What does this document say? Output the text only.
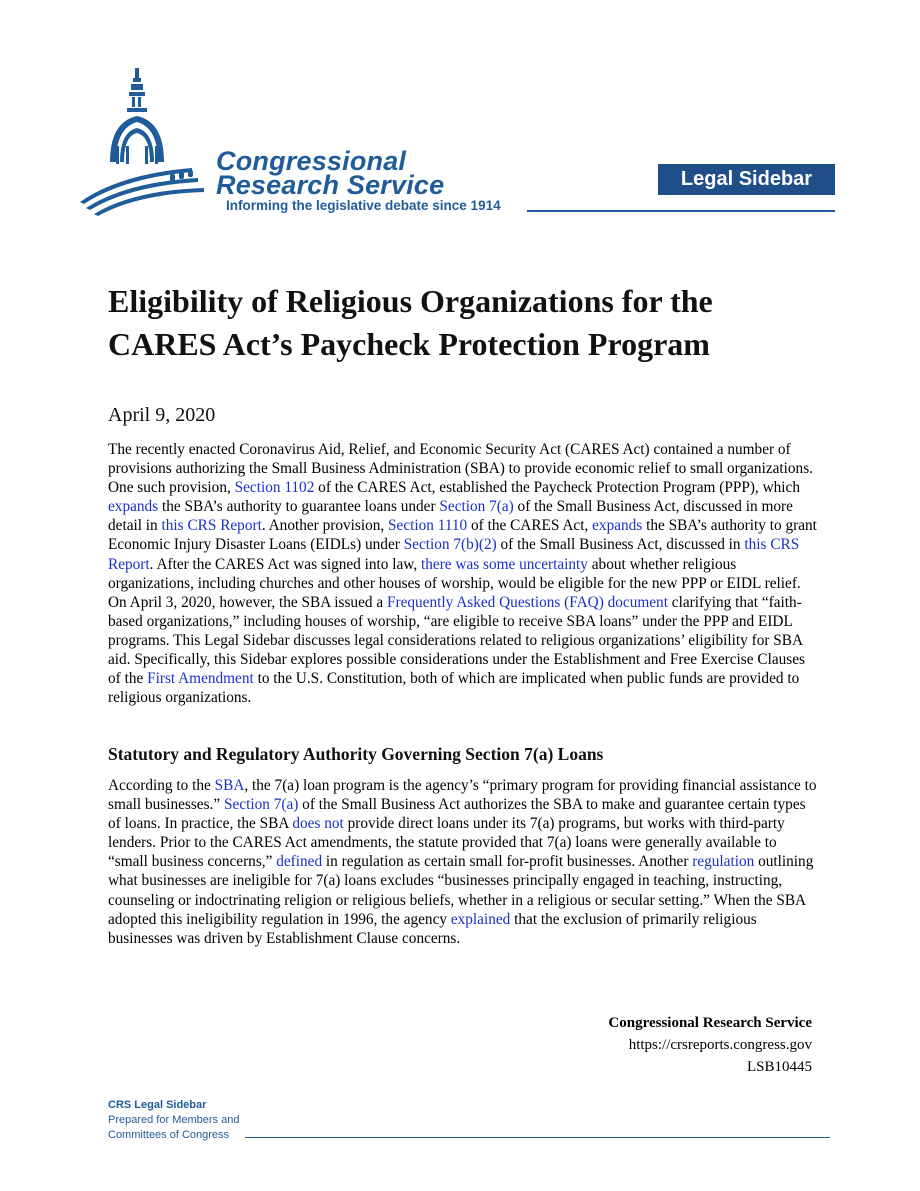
Congressional
Research Service
Informing the legislative debate since 1914
Legal Sidebar
Eligibility of Religious Organizations for the CARES Act’s Paycheck Protection Program
April 9, 2020

The recently enacted Coronavirus Aid, Relief, and Economic Security Act (CARES Act) contained a number of provisions authorizing the Small Business Administration (SBA) to provide economic relief to small organizations. One such provision, Section 1102 of the CARES Act, established the Paycheck Protection Program (PPP), which expands the SBA’s authority to guarantee loans under Section 7(a) of the Small Business Act, discussed in more detail in this CRS Report. Another provision, Section 1110 of the CARES Act, expands the SBA’s authority to grant Economic Injury Disaster Loans (EIDLs) under Section 7(b)(2) of the Small Business Act, discussed in this CRS Report. After the CARES Act was signed into law, there was some uncertainty about whether religious organizations, including churches and other houses of worship, would be eligible for the new PPP or EIDL relief. On April 3, 2020, however, the SBA issued a Frequently Asked Questions (FAQ) document clarifying that “faith-based organizations,” including houses of worship, “are eligible to receive SBA loans” under the PPP and EIDL programs. This Legal Sidebar discusses legal considerations related to religious organizations’ eligibility for SBA aid. Specifically, this Sidebar explores possible considerations under the Establishment and Free Exercise Clauses of the First Amendment to the U.S. Constitution, both of which are implicated when public funds are provided to religious organizations.

Statutory and Regulatory Authority Governing Section 7(a) Loans

According to the SBA, the 7(a) loan program is the agency’s “primary program for providing financial assistance to small businesses.” Section 7(a) of the Small Business Act authorizes the SBA to make and guarantee certain types of loans. In practice, the SBA does not provide direct loans under its 7(a) programs, but works with third-party lenders. Prior to the CARES Act amendments, the statute provided that 7(a) loans were generally available to “small business concerns,” defined in regulation as certain small for-profit businesses. Another regulation outlining what businesses are ineligible for 7(a) loans excludes “businesses principally engaged in teaching, instructing, counseling or indoctrinating religion or religious beliefs, whether in a religious or secular setting.” When the SBA adopted this ineligibility regulation in 1996, the agency explained that the exclusion of primarily religious businesses was driven by Establishment Clause concerns.

Congressional Research Service
https://crsreports.congress.gov
LSB10445
CRS Legal Sidebar
Prepared for Members and
Committees of Congress
